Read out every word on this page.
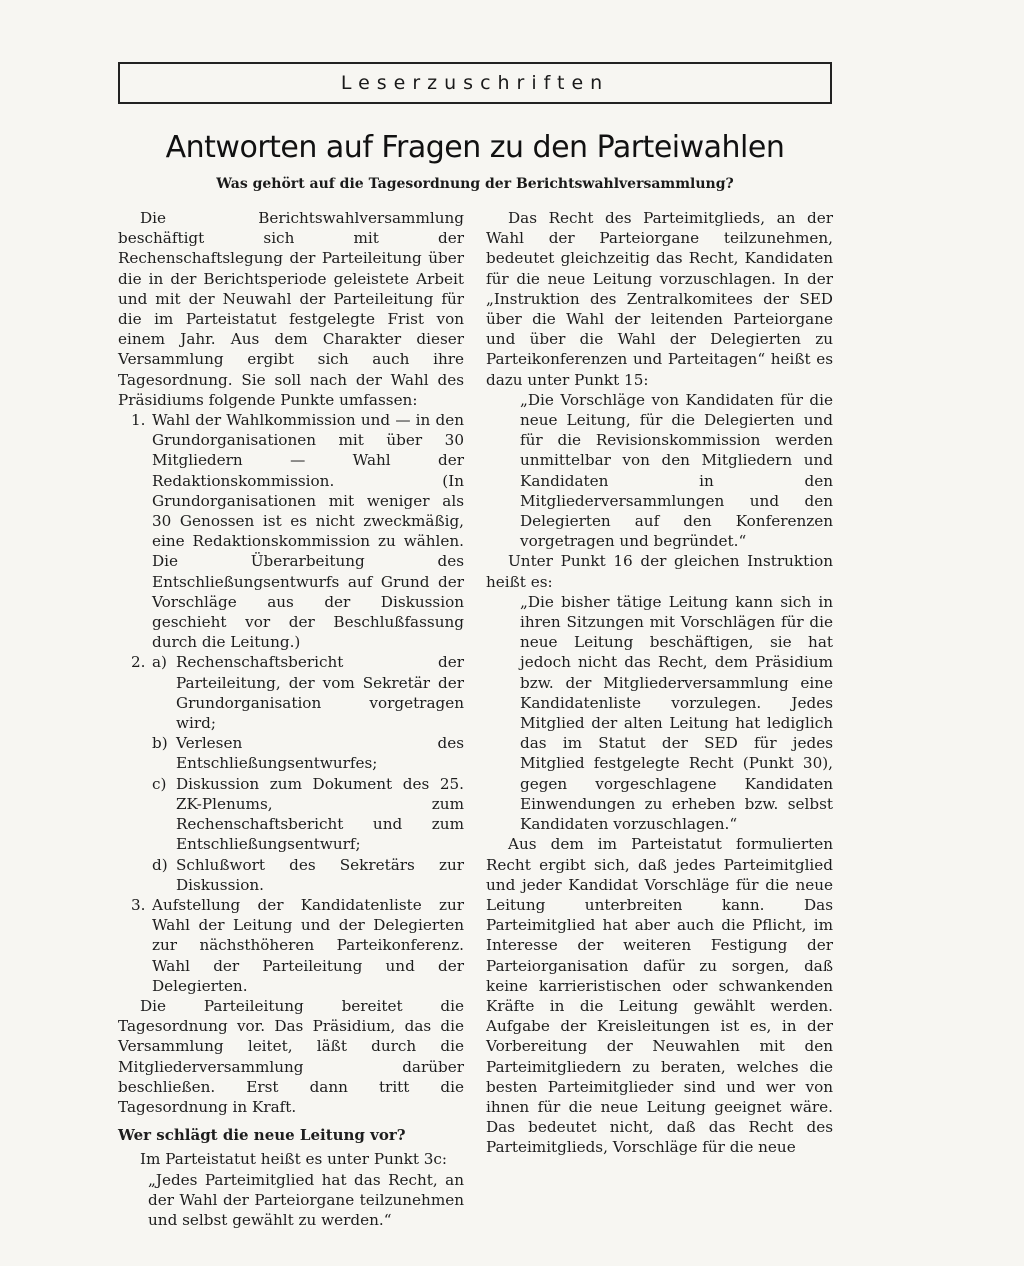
Leserzuschriften
Antworten auf Fragen zu den Parteiwahlen
Was gehört auf die Tagesordnung der Berichtswahlversammlung?

Die Berichtswahlversammlung beschäftigt sich mit der Rechenschaftslegung der Parteileitung über die in der Berichtsperiode geleistete Arbeit und mit der Neuwahl der Parteileitung für die im Parteistatut festgelegte Frist von einem Jahr. Aus dem Charakter dieser Versammlung ergibt sich auch ihre Tagesordnung. Sie soll nach der Wahl des Präsidiums folgende Punkte umfassen:

1. Wahl der Wahlkommission und — in den Grundorganisationen mit über 30 Mitgliedern — Wahl der Redaktionskommission. (In Grundorganisationen mit weniger als 30 Genossen ist es nicht zweckmäßig, eine Redaktionskommission zu wählen. Die Überarbeitung des Entschließungsentwurfs auf Grund der Vorschläge aus der Diskussion geschieht vor der Beschlußfassung durch die Leitung.)
2. a) Rechenschaftsbericht der Parteileitung, der vom Sekretär der Grundorganisation vorgetragen wird;
b) Verlesen des Entschließungsentwurfes;
c) Diskussion zum Dokument des 25. ZK-Plenums, zum Rechenschaftsbericht und zum Entschließungsentwurf;
d) Schlußwort des Sekretärs zur Diskussion.
3. Aufstellung der Kandidatenliste zur Wahl der Leitung und der Delegierten zur nächsthöheren Parteikonferenz. Wahl der Parteileitung und der Delegierten.

Die Parteileitung bereitet die Tagesordnung vor. Das Präsidium, das die Versammlung leitet, läßt durch die Mitgliederversammlung darüber beschließen. Erst dann tritt die Tagesordnung in Kraft.

Wer schlägt die neue Leitung vor?

Im Parteistatut heißt es unter Punkt 3c:

„Jedes Parteimitglied hat das Recht, an der Wahl der Parteiorgane teilzunehmen und selbst gewählt zu werden.“

Das Recht des Parteimitglieds, an der Wahl der Parteiorgane teilzunehmen, bedeutet gleichzeitig das Recht, Kandidaten für die neue Leitung vorzuschlagen. In der „Instruktion des Zentralkomitees der SED über die Wahl der leitenden Parteiorgane und über die Wahl der Delegierten zu Parteikonferenzen und Parteitagen“ heißt es dazu unter Punkt 15:

„Die Vorschläge von Kandidaten für die neue Leitung, für die Delegierten und für die Revisionskommission werden unmittelbar von den Mitgliedern und Kandidaten in den Mitgliederversammlungen und den Delegierten auf den Konferenzen vorgetragen und begründet.“

Unter Punkt 16 der gleichen Instruktion heißt es:

„Die bisher tätige Leitung kann sich in ihren Sitzungen mit Vorschlägen für die neue Leitung beschäftigen, sie hat jedoch nicht das Recht, dem Präsidium bzw. der Mitgliederversammlung eine Kandidatenliste vorzulegen. Jedes Mitglied der alten Leitung hat lediglich das im Statut der SED für jedes Mitglied festgelegte Recht (Punkt 30), gegen vorgeschlagene Kandidaten Einwendungen zu erheben bzw. selbst Kandidaten vorzuschlagen.“

Aus dem im Parteistatut formulierten Recht ergibt sich, daß jedes Parteimitglied und jeder Kandidat Vorschläge für die neue Leitung unterbreiten kann. Das Parteimitglied hat aber auch die Pflicht, im Interesse der weiteren Festigung der Parteiorganisation dafür zu sorgen, daß keine karrieristischen oder schwankenden Kräfte in die Leitung gewählt werden. Aufgabe der Kreisleitungen ist es, in der Vorbereitung der Neuwahlen mit den Parteimitgliedern zu beraten, welches die besten Parteimitglieder sind und wer von ihnen für die neue Leitung geeignet wäre. Das bedeutet nicht, daß das Recht des Parteimitglieds, Vorschläge für die neue
